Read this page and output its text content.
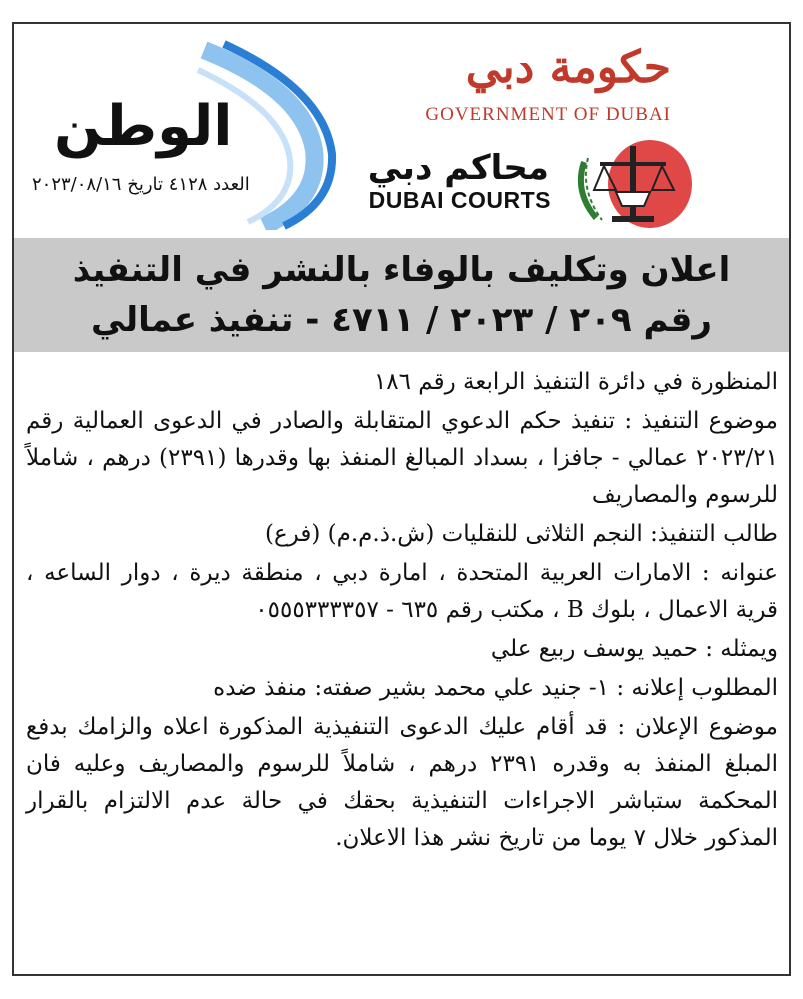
حكومة دبي
GOVERNMENT OF DUBAI
محاكم دبي
DUBAI COURTS
الوطن
العدد ٤١٢٨ تاريخ ٢٠٢٣/٠٨/١٦
اعلان وتكليف بالوفاء بالنشر في التنفيذ
رقم ٢٠٩ / ٢٠٢٣ / ٤٧١١ - تنفيذ عمالي

المنظورة في دائرة التنفيذ الرابعة رقم ١٨٦

موضوع التنفيذ : تنفيذ حكم الدعوي المتقابلة والصادر في الدعوى العمالية رقم ٢٠٢٣/٢١ عمالي - جافزا ، بسداد المبالغ المنفذ بها وقدرها (٢٣٩١) درهم ، شاملاً للرسوم والمصاريف

طالب التنفيذ: النجم الثلاثى للنقليات (ش.ذ.م.م) (فرع)

عنوانه : الامارات العربية المتحدة ، امارة دبي ، منطقة ديرة ، دوار الساعه ، قرية الاعمال ، بلوك B ، مكتب رقم ٦٣٥ - ٠٥٥٥٣٣٣٣٥٧

ويمثله : حميد يوسف ربيع علي

المطلوب إعلانه : ١- جنيد علي محمد بشير صفته: منفذ ضده

موضوع الإعلان : قد أقام عليك الدعوى التنفيذية المذكورة اعلاه والزامك بدفع المبلغ المنفذ به وقدره ٢٣٩١ درهم ، شاملاً للرسوم والمصاريف وعليه فان المحكمة ستباشر الاجراءات التنفيذية بحقك في حالة عدم الالتزام بالقرار المذكور خلال ٧ يوما من تاريخ نشر هذا الاعلان.
